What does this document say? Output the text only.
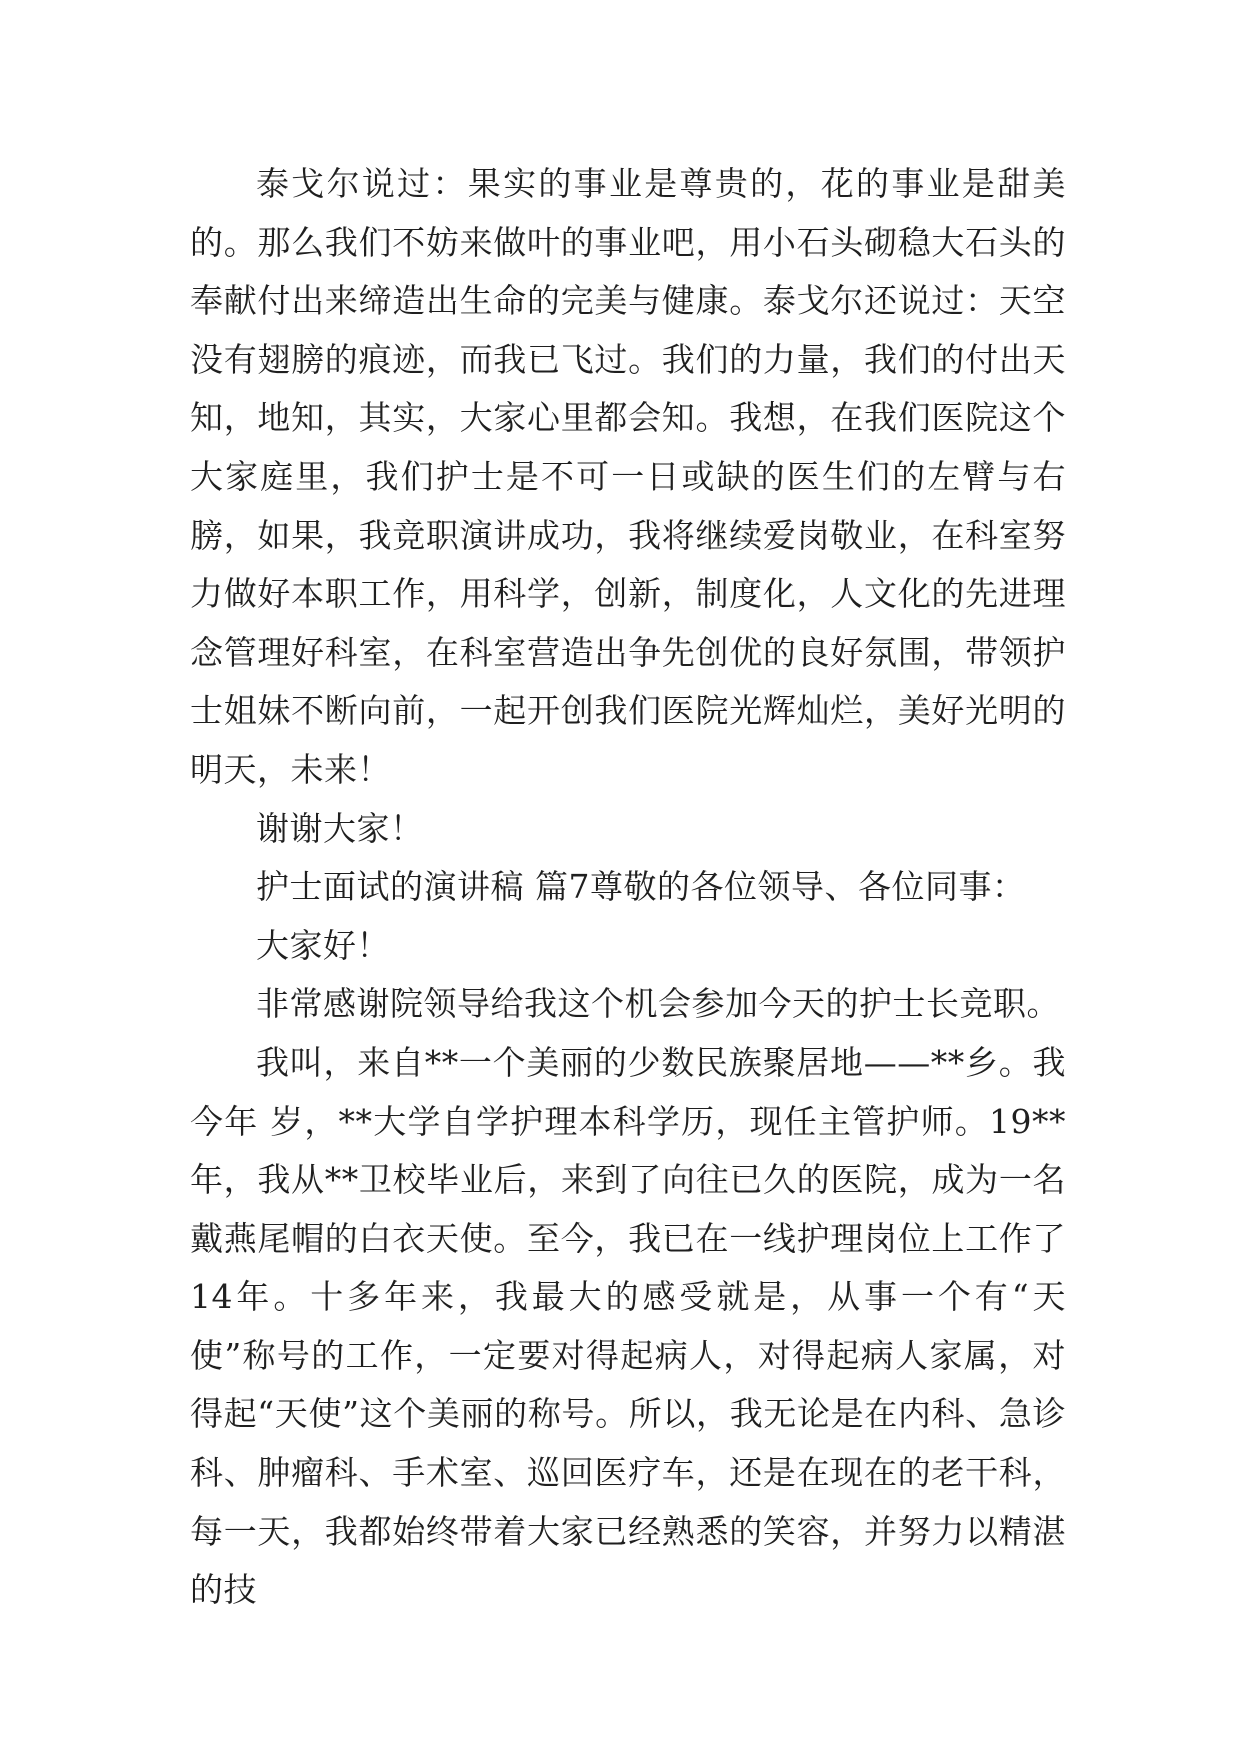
泰戈尔说过：果实的事业是尊贵的，花的事业是甜美的。那么我们不妨来做叶的事业吧，用小石头砌稳大石头的奉献付出来缔造出生命的完美与健康。泰戈尔还说过：天空没有翅膀的痕迹，而我已飞过。我们的力量，我们的付出天知，地知，其实，大家心里都会知。我想，在我们医院这个大家庭里，我们护士是不可一日或缺的医生们的左臂与右膀，如果，我竞职演讲成功，我将继续爱岗敬业，在科室努力做好本职工作，用科学，创新，制度化，人文化的先进理念管理好科室，在科室营造出争先创优的良好氛围，带领护士姐妹不断向前，一起开创我们医院光辉灿烂，美好光明的明天，未来！

谢谢大家！

护士面试的演讲稿 篇7尊敬的各位领导、各位同事：

大家好！

非常感谢院领导给我这个机会参加今天的护士长竞职。

我叫，来自**一个美丽的少数民族聚居地——**乡。我今年 岁，**大学自学护理本科学历，现任主管护师。19**年，我从**卫校毕业后，来到了向往已久的医院，成为一名戴燕尾帽的白衣天使。至今，我已在一线护理岗位上工作了14年。十多年来，我最大的感受就是，从事一个有“天使”称号的工作，一定要对得起病人，对得起病人家属，对得起“天使”这个美丽的称号。所以，我无论是在内科、急诊科、肿瘤科、手术室、巡回医疗车，还是在现在的老干科，每一天，我都始终带着大家已经熟悉的笑容，并努力以精湛的技
